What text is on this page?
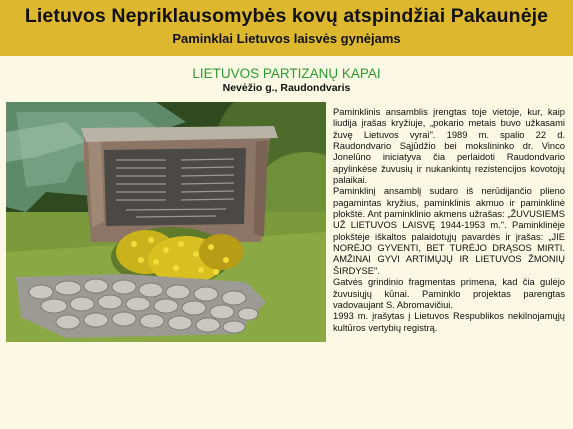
Lietuvos Nepriklausomybės kovų atspindžiai Pakaunėje
Paminklai Lietuvos laisvės gynėjams
LIETUVOS PARTIZANŲ KAPAI
Nevėžio g., Raudondvaris

Paminklinis ansamblis įrengtas toje vietoje, kur, kaip liudija įrašas kryžiuje, „pokario metais buvo užkasami žuvę Lietuvos vyrai". 1989 m. spalio 22 d. Raudondvario Sąjūdžio bei mokslininko dr. Vinco Jonelūno iniciatyva čia perlaidoti Raudondvario apylinkėse žuvusių ir nukankintų rezistencijos kovotojų palaikai.

Paminklinį ansamblį sudaro iš nerūdijančio plieno pagamintas kryžius, paminklinis akmuo ir paminklinė plokštė. Ant paminklinio akmens užrašas: „ŽUVUSIEMS UŽ LIETUVOS LAISVĘ 1944-1953 m.". Paminklinėje plokštėje iškaltos palaidotųjų pavardės ir įrašas: „JIE NORĖJO GYVENTI, BET TURĖJO DRĄSOS MIRTI. AMŽINAI GYVI ARTIMŲJŲ IR LIETUVOS ŽMONIŲ ŠIRDYSE".

Gatvės grindinio fragmentas primena, kad čia gulėjo žuvusiųjų kūnai. Paminklo projektas parengtas vadovaujant S. Abromavičiui.

1993 m. įrašytas į Lietuvos Respublikos nekilnojamųjų kultūros vertybių registrą.
